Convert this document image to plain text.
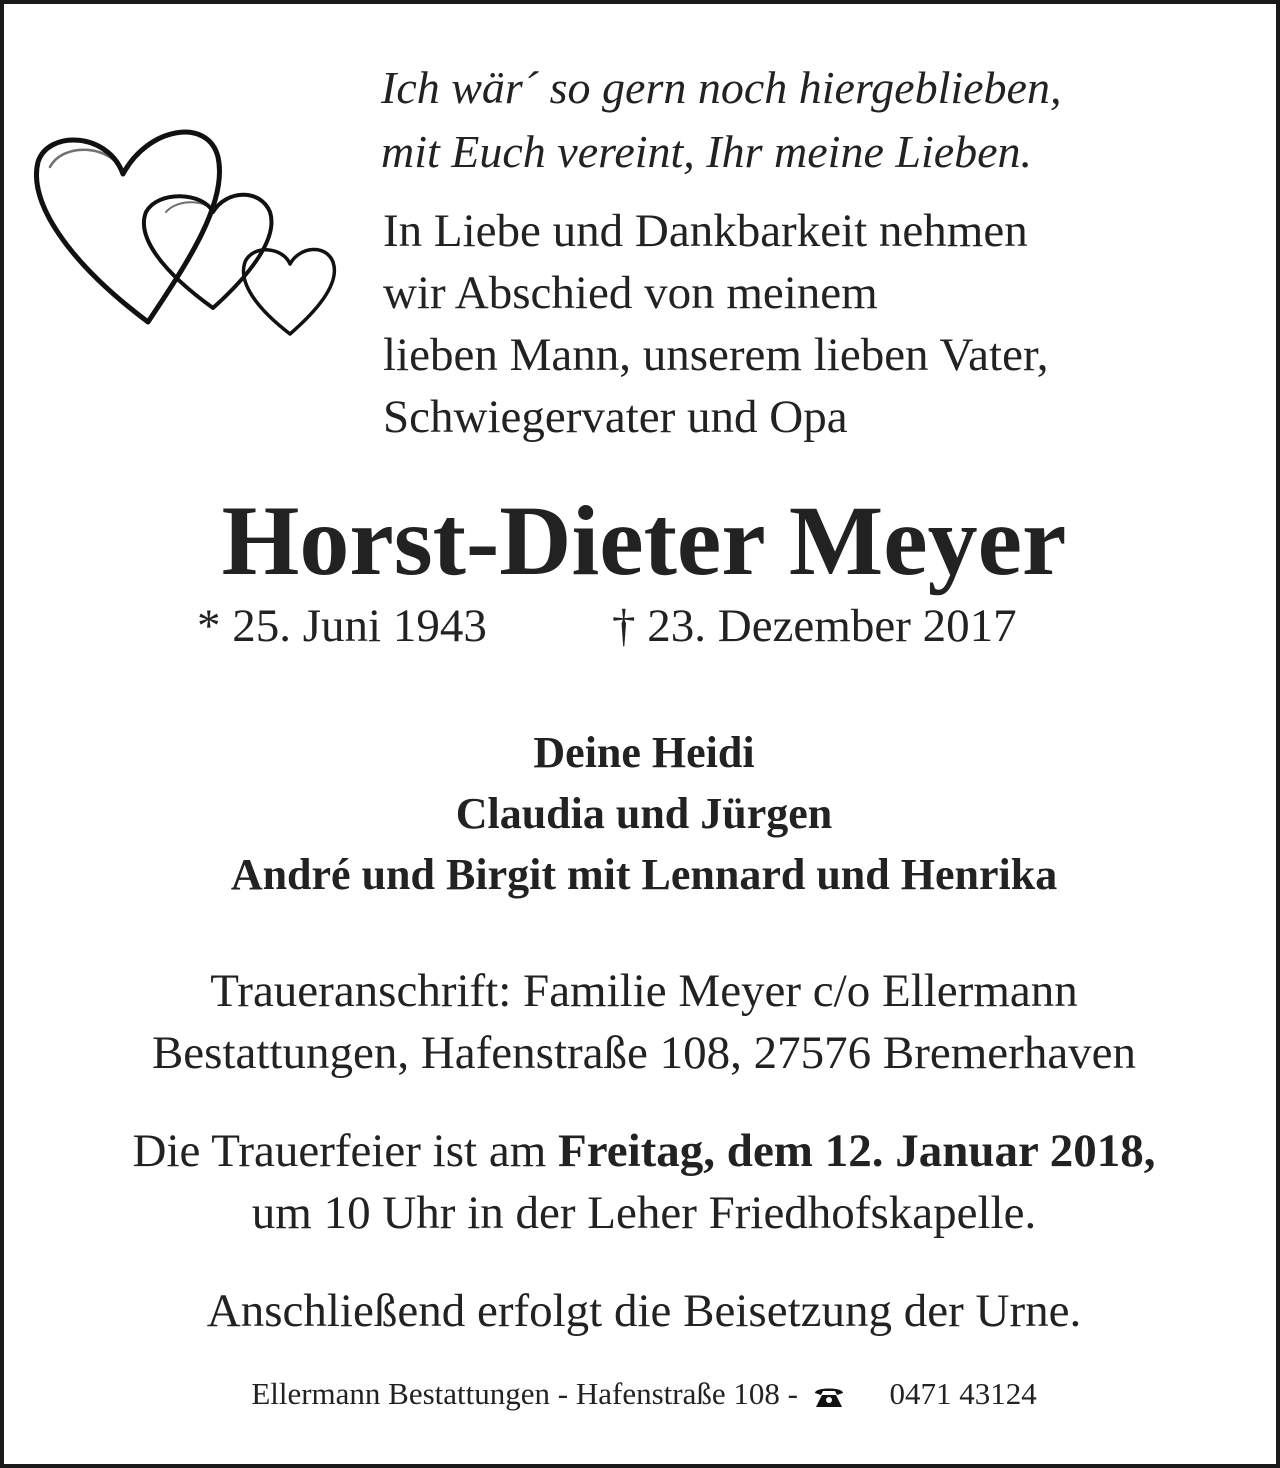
Ich wär´ so gern noch hiergeblieben,
mit Euch vereint, Ihr meine Lieben.
In Liebe und Dankbarkeit nehmen
wir Abschied von meinem
lieben Mann, unserem lieben Vater,
Schwiegervater und Opa
Horst-Dieter Meyer
* 25. Juni 1943	† 23. Dezember 2017
Deine Heidi
Claudia und Jürgen
André und Birgit mit Lennard und Henrika
Traueranschrift: Familie Meyer c/o Ellermann
Bestattungen, Hafenstraße 108, 27576 Bremerhaven
Die Trauerfeier ist am Freitag, dem 12. Januar 2018,
um 10 Uhr in der Leher Friedhofskapelle.
Anschließend erfolgt die Beisetzung der Urne.
Ellermann Bestattungen - Hafenstraße 108 -	0471 43124
